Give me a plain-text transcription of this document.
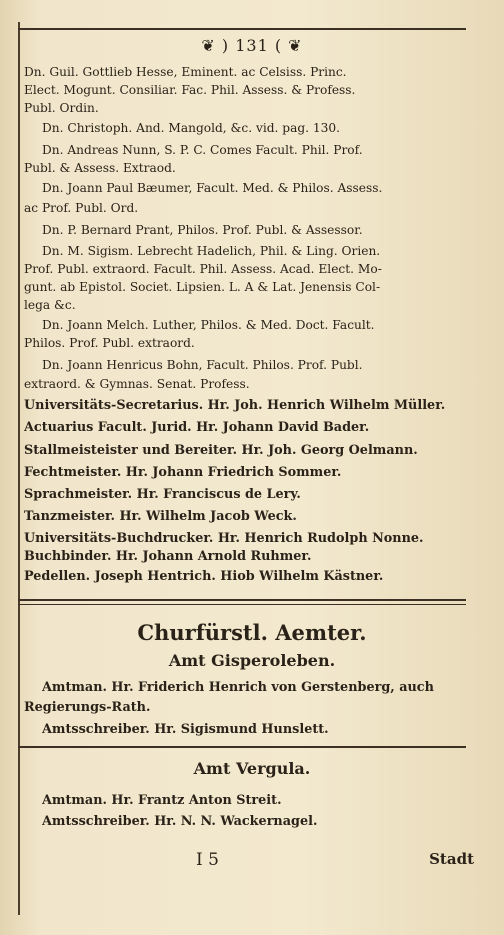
❦ ) 131 ( ❦
Dn. Guil. Gottlieb Hesse, Eminent. ac Celsiss. Princ.
Elect. Mogunt. Consiliar. Fac. Phil. Assess. & Profess.
Publ. Ordin.
Dn. Christoph. And. Mangold, &c. vid. pag. 130.
Dn. Andreas Nunn, S. P. C. Comes Facult. Phil. Prof.
Publ. & Assess. Extraod.
Dn. Joann Paul Bæumer, Facult. Med. & Philos. Assess.
ac Prof. Publ. Ord.
Dn. P. Bernard Prant, Philos. Prof. Publ. & Assessor.
Dn. M. Sigism. Lebrecht Hadelich, Phil. & Ling. Orien.
Prof. Publ. extraord. Facult. Phil. Assess. Acad. Elect. Mo-
gunt. ab Epistol. Societ. Lipsien. L. A & Lat. Jenensis Col-
lega &c.
Dn. Joann Melch. Luther, Philos. & Med. Doct. Facult.
Philos. Prof. Publ. extraord.
Dn. Joann Henricus Bohn, Facult. Philos. Prof. Publ.
extraord. & Gymnas. Senat. Profess.
Universitäts-Secretarius. Hr. Joh. Henrich Wilhelm Müller.
Actuarius Facult. Jurid. Hr. Johann David Bader.
Stallmeisteister und Bereiter. Hr. Joh. Georg Oelmann.
Fechtmeister. Hr. Johann Friedrich Sommer.
Sprachmeister. Hr. Franciscus de Lery.
Tanzmeister. Hr. Wilhelm Jacob Weck.
Universitäts-Buchdrucker. Hr. Henrich Rudolph Nonne.
Buchbinder. Hr. Johann Arnold Ruhmer.
Pedellen. Joseph Hentrich. Hiob Wilhelm Kästner.
Churfürstl. Aemter.
Amt Gisperoleben.
Amtman. Hr. Friderich Henrich von Gerstenberg, auch
Regierungs-Rath.
Amtsschreiber. Hr. Sigismund Hunslett.
Amt Vergula.
Amtman. Hr. Frantz Anton Streit.
Amtsschreiber. Hr. N. N. Wackernagel.
I 5	Stadt
